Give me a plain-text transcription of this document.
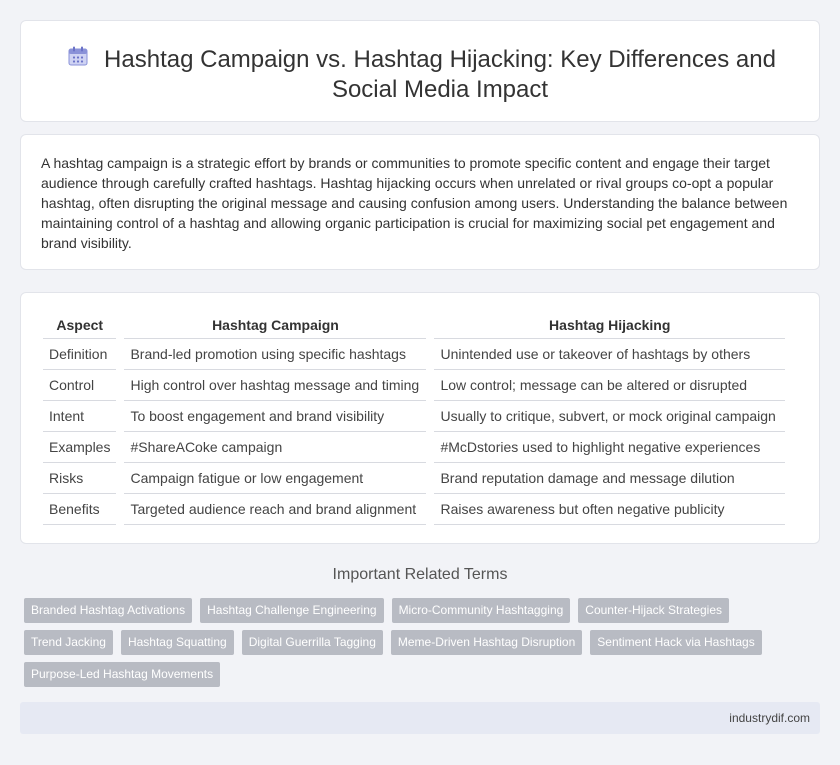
Hashtag Campaign vs. Hashtag Hijacking: Key Differences and Social Media Impact

A hashtag campaign is a strategic effort by brands or communities to promote specific content and engage their target audience through carefully crafted hashtags. Hashtag hijacking occurs when unrelated or rival groups co-opt a popular hashtag, often disrupting the original message and causing confusion among users. Understanding the balance between maintaining control of a hashtag and allowing organic participation is crucial for maximizing social pet engagement and brand visibility.

Aspect	Hashtag Campaign	Hashtag Hijacking
Definition	Brand-led promotion using specific hashtags	Unintended use or takeover of hashtags by others
Control	High control over hashtag message and timing	Low control; message can be altered or disrupted
Intent	To boost engagement and brand visibility	Usually to critique, subvert, or mock original campaign
Examples	#ShareACoke campaign	#McDstories used to highlight negative experiences
Risks	Campaign fatigue or low engagement	Brand reputation damage and message dilution
Benefits	Targeted audience reach and brand alignment	Raises awareness but often negative publicity
Important Related Terms
Branded Hashtag Activations	Hashtag Challenge Engineering	Micro-Community Hashtagging	Counter-Hijack Strategies
Trend Jacking	Hashtag Squatting	Digital Guerrilla Tagging	Meme-Driven Hashtag Disruption	Sentiment Hack via Hashtags
Purpose-Led Hashtag Movements
industrydif.com
